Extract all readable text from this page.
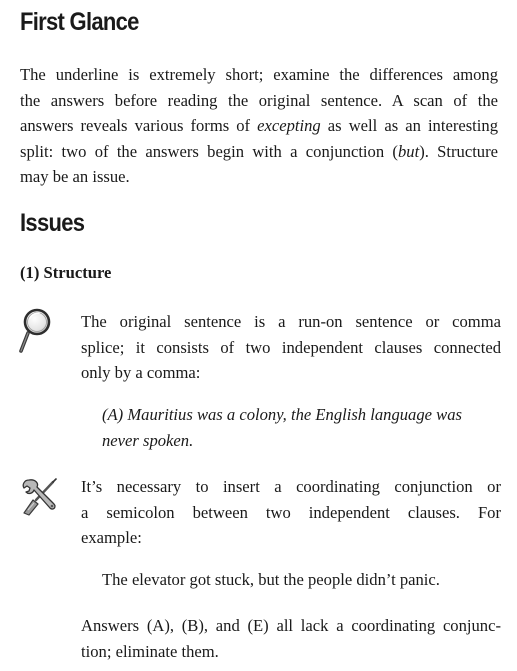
First Glance

The underline is extremely short; examine the differences among
the answers before reading the original sentence. A scan of the
answers reveals various forms of excepting as well as an interesting
split: two of the answers begin with a conjunction (but). Structure
may be an issue.

Issues
(1) Structure

The original sentence is a run-on sentence or comma
splice; it consists of two independent clauses connected
only by a comma:

(A) Mauritius was a colony, the English language was
never spoken.

It’s necessary to insert a coordinating conjunction or
a semicolon between two independent clauses. For
example:

The elevator got stuck, but the people didn’t panic.

Answers (A), (B), and (E) all lack a coordinating conjunc-
tion; eliminate them.
